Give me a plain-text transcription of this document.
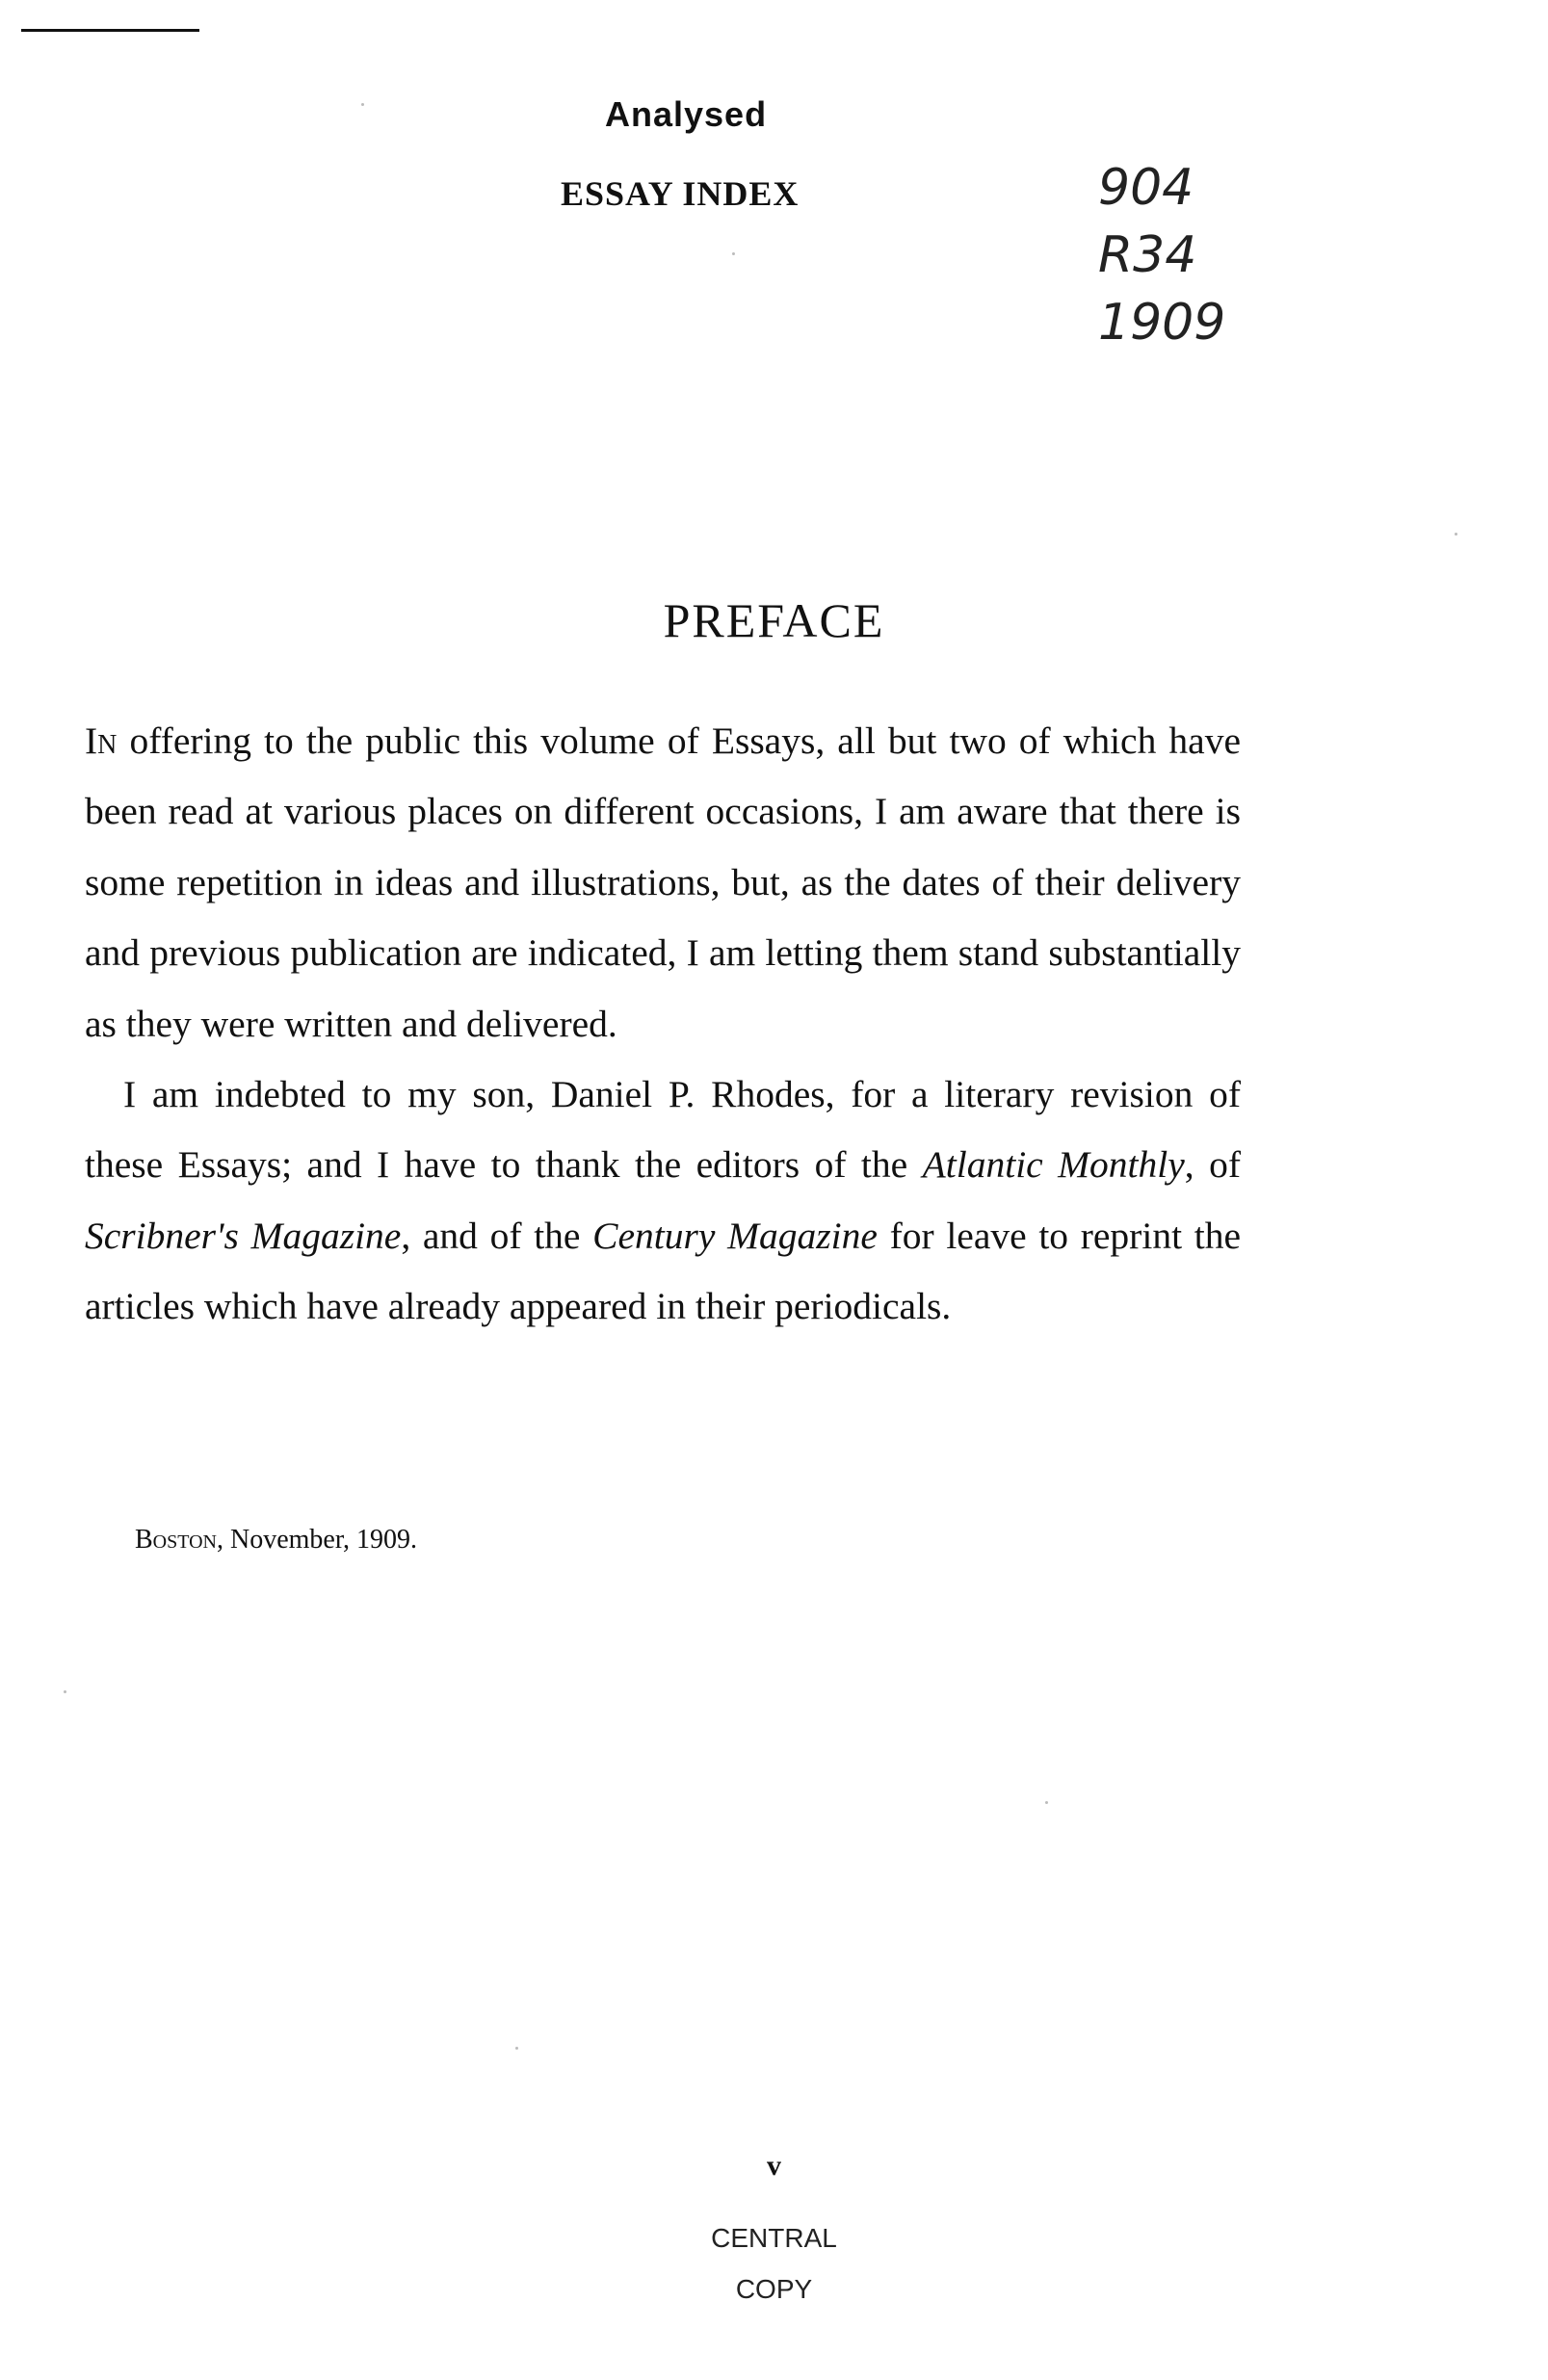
Analysed
ESSAY INDEX	904
R34
1909
PREFACE

In offering to the public this volume of Essays, all but two of which have been read at various places on different occasions, I am aware that there is some repetition in ideas and illustrations, but, as the dates of their delivery and previous publication are indicated, I am letting them stand substantially as they were written and delivered.

I am indebted to my son, Daniel P. Rhodes, for a literary revision of these Essays; and I have to thank the editors of the Atlantic Monthly, of Scribner's Magazine, and of the Century Magazine for leave to reprint the articles which have already appeared in their periodicals.

Boston, November, 1909.
v
CENTRAL
COPY
